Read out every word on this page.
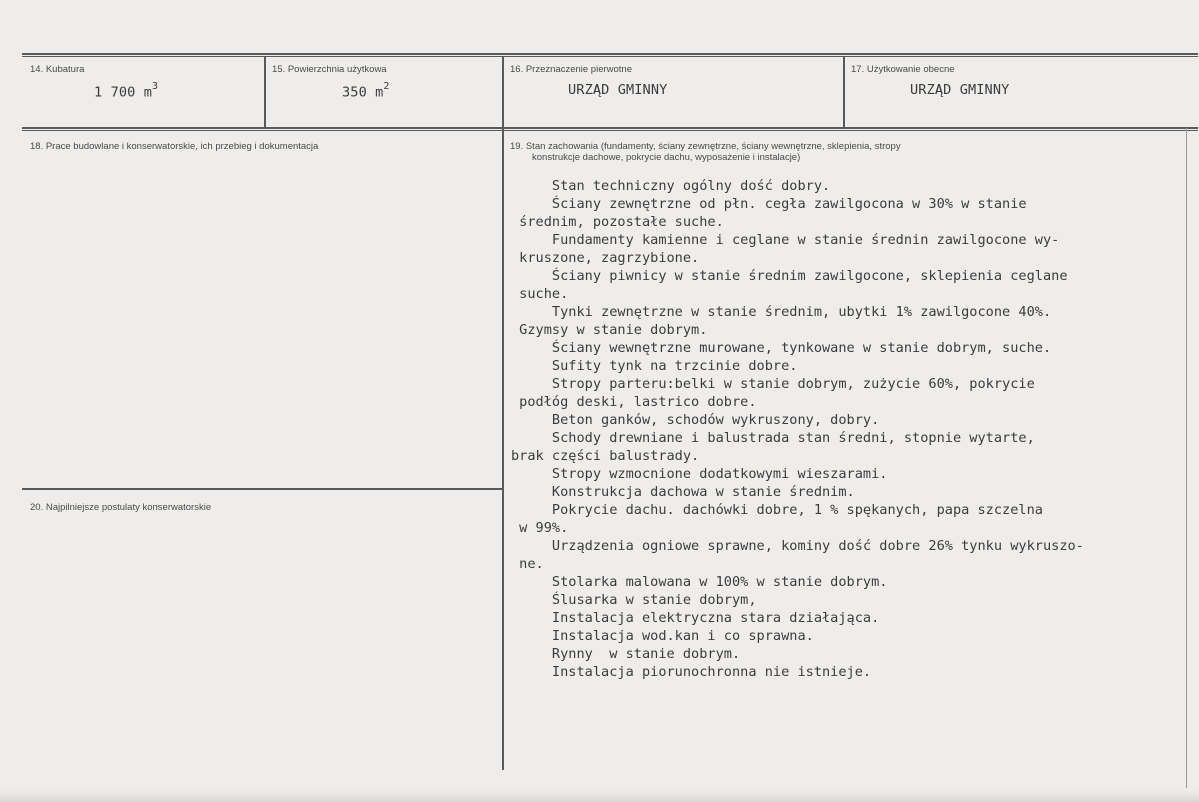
14. Kubatura
1 700 $m^3$
15. Powierzchnia użytkowa
350 $m^2$
16. Przeznaczenie pierwotne
URZĄD GMINNY
17. Użytkowanie obecne
URZĄD GMINNY
18. Prace budowlane i konserwatorskie, ich przebieg i dokumentacja
20. Najpilniejsze postulaty konserwatorskie
19. Stan zachowania (fundamenty, ściany zewnętrzne, ściany wewnętrzne, sklepienia, stropy
konstrukcje dachowe, pokrycie dachu, wyposażenie i instalacje)
Stan techniczny ogólny dość dobry.
Ściany zewnętrzne od płn. cegła zawilgocona w 30% w stanie
średnim, pozostałe suche.
Fundamenty kamienne i ceglane w stanie średnin zawilgocone wy-
kruszone, zagrzybione.
Ściany piwnicy w stanie średnim zawilgocone, sklepienia ceglane
suche.
Tynki zewnętrzne w stanie średnim, ubytki 1% zawilgocone 40%.
Gzymsy w stanie dobrym.
Ściany wewnętrzne murowane, tynkowane w stanie dobrym, suche.
Sufity tynk na trzcinie dobre.
Stropy parteru:belki w stanie dobrym, zużycie 60%, pokrycie
podłóg deski, lastrico dobre.
Beton ganków, schodów wykruszony, dobry.
Schody drewniane i balustrada stan średni, stopnie wytarte,
brak części balustrady.
Stropy wzmocnione dodatkowymi wieszarami.
Konstrukcja dachowa w stanie średnim.
Pokrycie dachu. dachówki dobre, 1 % spękanych, papa szczelna
w 99%.
Urządzenia ogniowe sprawne, kominy dość dobre 26% tynku wykruszo-
ne.
Stolarka malowana w 100% w stanie dobrym.
Ślusarka w stanie dobrym,
Instalacja elektryczna stara działająca.
Instalacja wod.kan i co sprawna.
Rynny  w stanie dobrym.
Instalacja piorunochronna nie istnieje.
